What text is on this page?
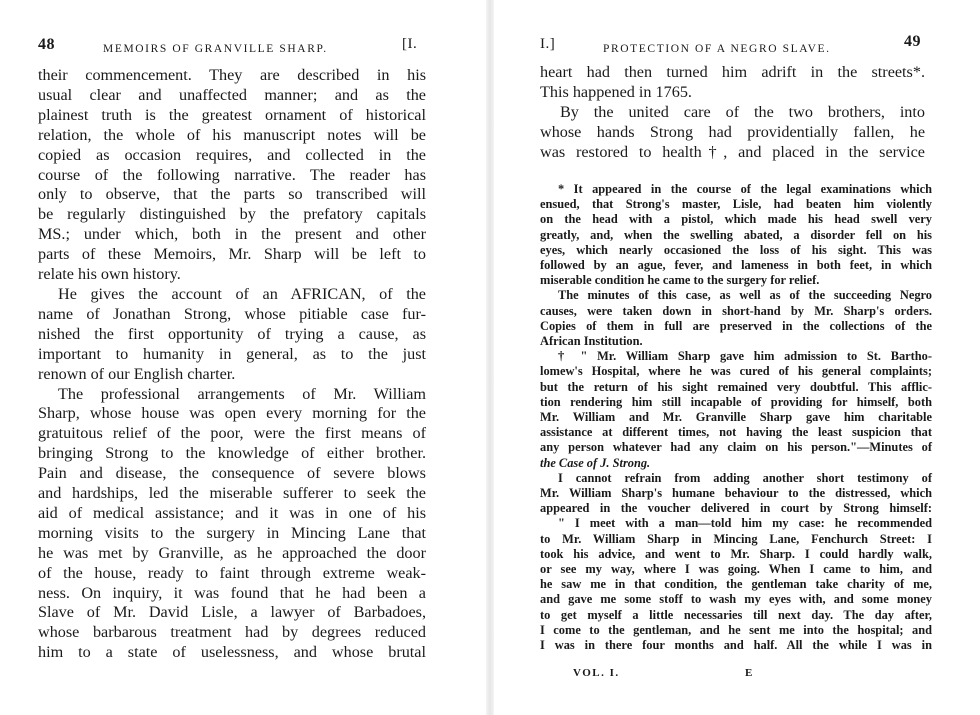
48	MEMOIRS OF GRANVILLE SHARP.	[I.
their commencement. They are described in his
usual clear and unaffected manner; and as the
plainest truth is the greatest ornament of historical
relation, the whole of his manuscript notes will be
copied as occasion requires, and collected in the
course of the following narrative. The reader has
only to observe, that the parts so transcribed will
be regularly distinguished by the prefatory capitals
MS.; under which, both in the present and other
parts of these Memoirs, Mr. Sharp will be left to
relate his own history.
He gives the account of an AFRICAN, of the
name of Jonathan Strong, whose pitiable case fur-
nished the first opportunity of trying a cause, as
important to humanity in general, as to the just
renown of our English charter.
The professional arrangements of Mr. William
Sharp, whose house was open every morning for the
gratuitous relief of the poor, were the first means of
bringing Strong to the knowledge of either brother.
Pain and disease, the consequence of severe blows
and hardships, led the miserable sufferer to seek the
aid of medical assistance; and it was in one of his
morning visits to the surgery in Mincing Lane that
he was met by Granville, as he approached the door
of the house, ready to faint through extreme weak-
ness. On inquiry, it was found that he had been a
Slave of Mr. David Lisle, a lawyer of Barbadoes,
whose barbarous treatment had by degrees reduced
him to a state of uselessness, and whose brutal
I.]	PROTECTION OF A NEGRO SLAVE.	49
heart had then turned him adrift in the streets*.
This happened in 1765.
By the united care of the two brothers, into
whose hands Strong had providentially fallen, he
was restored to health†, and placed in the service
* It appeared in the course of the legal examinations which
ensued, that Strong's master, Lisle, had beaten him violently
on the head with a pistol, which made his head swell very
greatly, and, when the swelling abated, a disorder fell on his
eyes, which nearly occasioned the loss of his sight. This was
followed by an ague, fever, and lameness in both feet, in which
miserable condition he came to the surgery for relief.
The minutes of this case, as well as of the succeeding Negro
causes, were taken down in short-hand by Mr. Sharp's orders.
Copies of them in full are preserved in the collections of the
African Institution.
† " Mr. William Sharp gave him admission to St. Bartho-
lomew's Hospital, where he was cured of his general complaints;
but the return of his sight remained very doubtful. This afflic-
tion rendering him still incapable of providing for himself, both
Mr. William and Mr. Granville Sharp gave him charitable
assistance at different times, not having the least suspicion that
any person whatever had any claim on his person."—Minutes of
the Case of J. Strong.
I cannot refrain from adding another short testimony of
Mr. William Sharp's humane behaviour to the distressed, which
appeared in the voucher delivered in court by Strong himself:
" I meet with a man—told him my case: he recommended
to Mr. William Sharp in Mincing Lane, Fenchurch Street: I
took his advice, and went to Mr. Sharp. I could hardly walk,
or see my way, where I was going. When I came to him, and
he saw me in that condition, the gentleman take charity of me,
and gave me some stoff to wash my eyes with, and some money
to get myself a little necessaries till next day. The day after,
I come to the gentleman, and he sent me into the hospital; and
I was in there four months and half. All the while I was in
VOL. I.	E
